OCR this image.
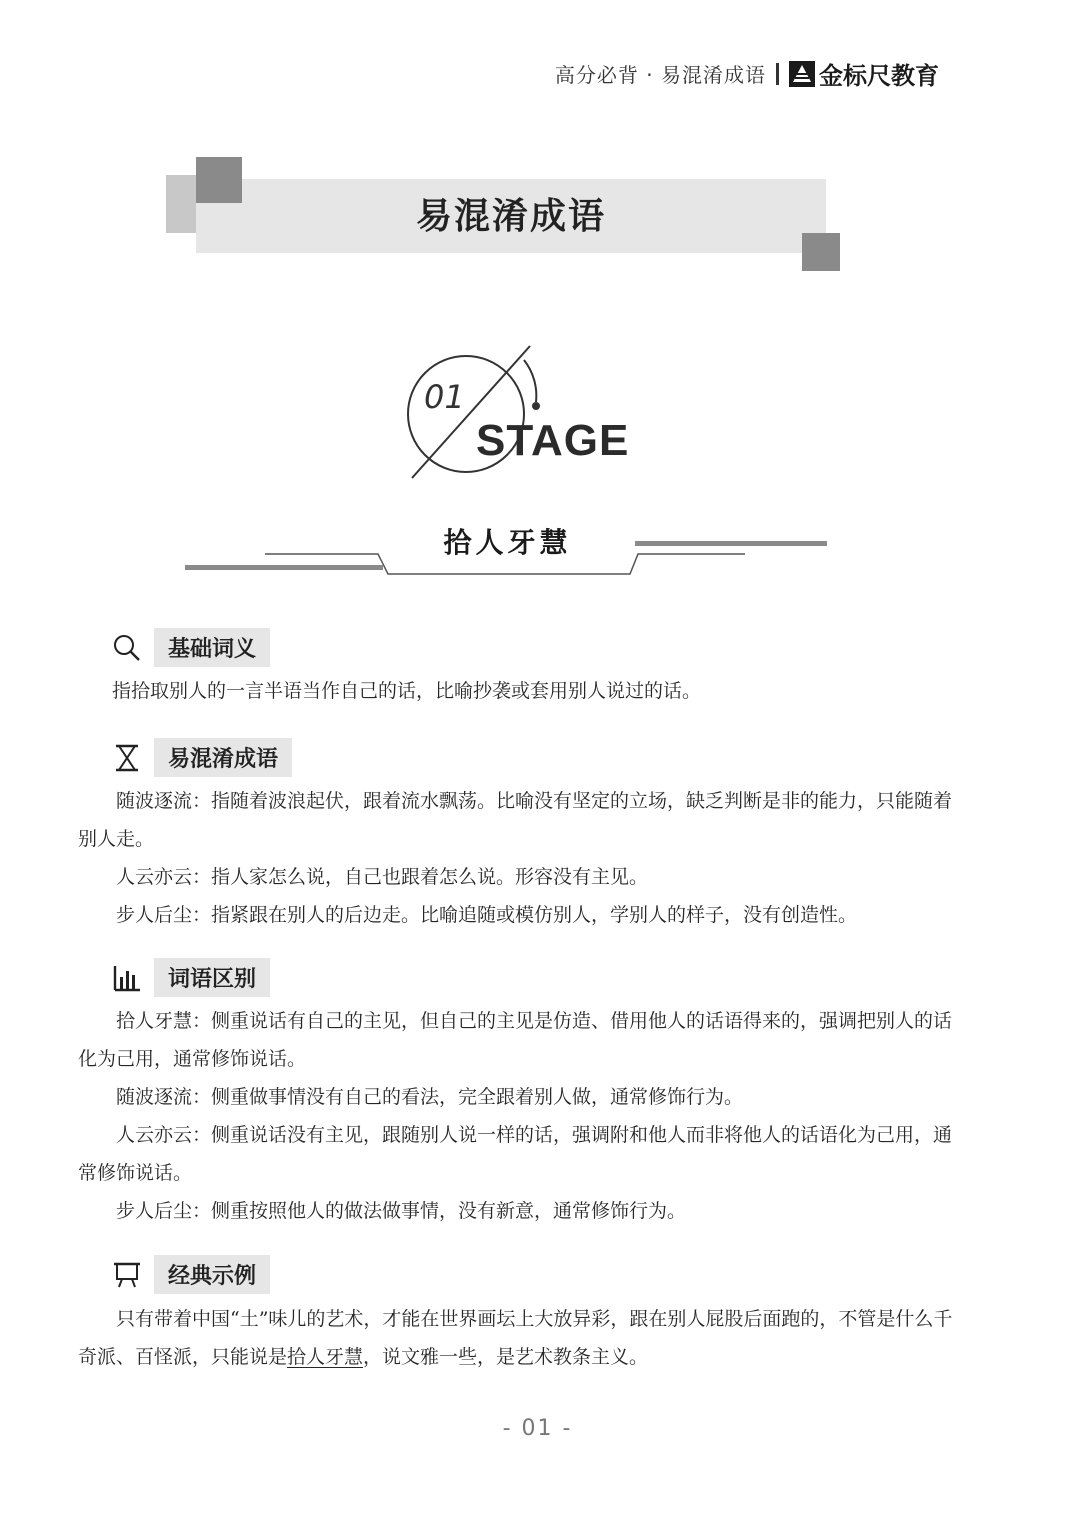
高分必背 · 易混淆成语 金标尺教育
易混淆成语
01
STAGE
拾人牙慧
基础词义
指拾取别人的一言半语当作自己的话，比喻抄袭或套用别人说过的话。
易混淆成语
随波逐流：指随着波浪起伏，跟着流水飘荡。比喻没有坚定的立场，缺乏判断是非的能力，只能随着别人走。
人云亦云：指人家怎么说，自己也跟着怎么说。形容没有主见。
步人后尘：指紧跟在别人的后边走。比喻追随或模仿别人，学别人的样子，没有创造性。
词语区别
拾人牙慧：侧重说话有自己的主见，但自己的主见是仿造、借用他人的话语得来的，强调把别人的话化为己用，通常修饰说话。
随波逐流：侧重做事情没有自己的看法，完全跟着别人做，通常修饰行为。
人云亦云：侧重说话没有主见，跟随别人说一样的话，强调附和他人而非将他人的话语化为己用，通常修饰说话。
步人后尘：侧重按照他人的做法做事情，没有新意，通常修饰行为。
经典示例
只有带着中国“土”味儿的艺术，才能在世界画坛上大放异彩，跟在别人屁股后面跑的，不管是什么千奇派、百怪派，只能说是拾人牙慧，说文雅一些，是艺术教条主义。
- 01 -
